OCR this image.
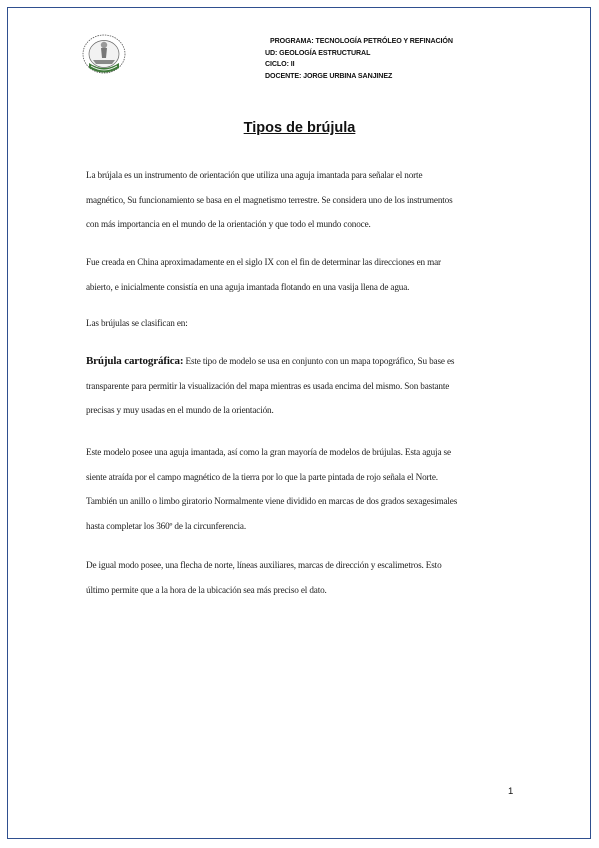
PROGRAMA: TECNOLOGÍA PETRÓLEO Y REFINACIÓN
UD: GEOLOGÍA ESTRUCTURAL
CICLO: II
DOCENTE: JORGE URBINA SANJINEZ
Tipos de brújula
La brújala es un instrumento de orientación que utiliza una aguja imantada para señalar el norte
magnético, Su funcionamiento se basa en el magnetismo terrestre. Se considera uno de los instrumentos
con más importancia en el mundo de la orientación y que todo el mundo conoce.
Fue creada en China aproximadamente en el siglo IX con el fin de determinar las direcciones en mar
abierto, e inicialmente consistía en una aguja imantada flotando en una vasija llena de agua.
Las brújulas se clasifican en:
Brújula cartográfica: Este tipo de modelo se usa en conjunto con un mapa topográfico, Su base es
transparente para permitir la visualización del mapa mientras es usada encima del mismo. Son bastante
precisas y muy usadas en el mundo de la orientación.
Este modelo posee una aguja imantada, así como la gran mayoría de modelos de brújulas. Esta aguja se
siente atraída por el campo magnético de la tierra por lo que la parte pintada de rojo señala el Norte.
También un anillo o limbo giratorio Normalmente viene dividido en marcas de dos grados sexagesimales
hasta completar los 360º de la circunferencia.
De igual modo posee, una flecha de norte, líneas auxiliares, marcas de dirección y escalimetros. Esto
último permite que a la hora de la ubicación sea más preciso el dato.
1
